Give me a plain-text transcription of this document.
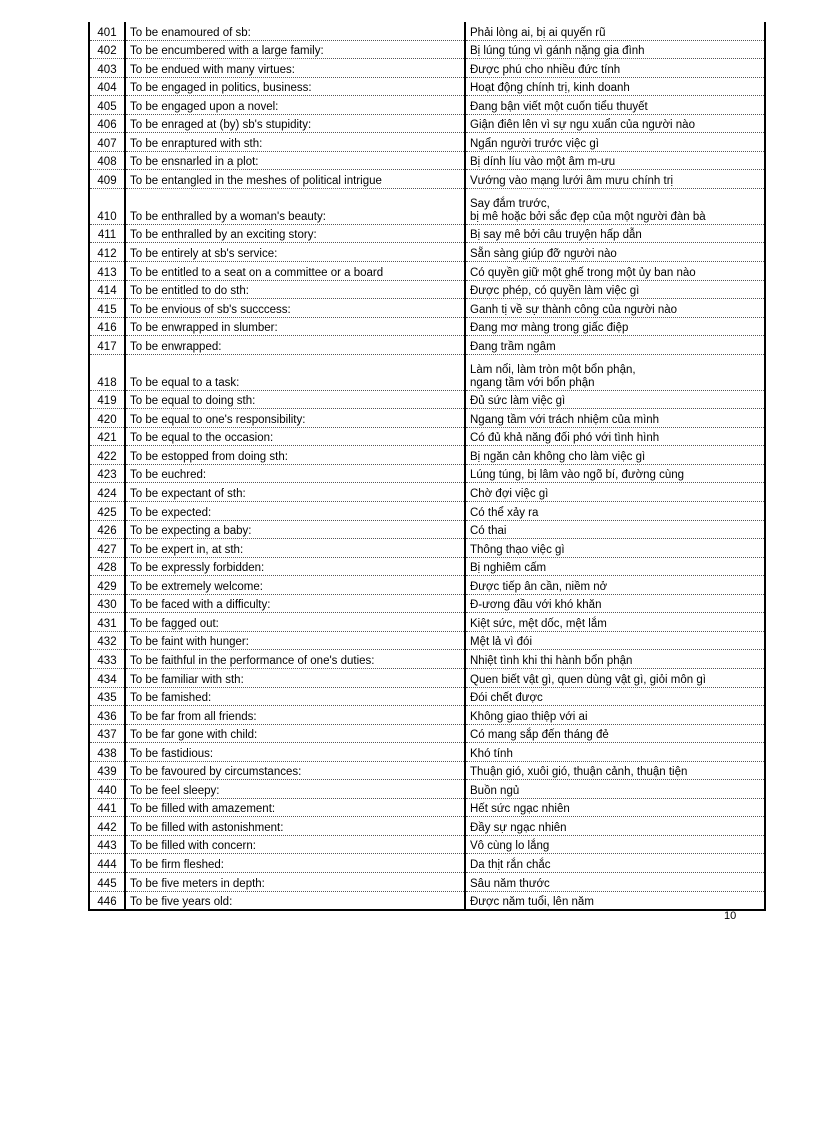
401	To be enamoured of sb:	Phải lòng ai, bị ai quyến rũ
402	To be encumbered with a large family:	Bị lúng túng vì gánh nặng gia đình
403	To be endued with many virtues:	Được phú cho nhiều đức tính
404	To be engaged in politics, business:	Hoạt động chính trị, kinh doanh
405	To be engaged upon a novel:	Đang bận viết một cuốn tiểu thuyết
406	To be enraged at (by) sb's stupidity:	Giận điên lên vì sự ngu xuẩn của người nào
407	To be enraptured with sth:	Ngẩn người trước việc gì
408	To be ensnarled in a plot:	Bị dính líu vào một âm m-ưu
409	To be entangled in the meshes of political intrigue	Vướng vào mạng lưới âm mưu chính trị
410	To be enthralled by a woman's beauty:	Say đắm trước,
bị mê hoặc bởi sắc đẹp của một người đàn bà

411	To be enthralled by an exciting story:	Bị say mê bởi câu truyện hấp dẫn
412	To be entirely at sb's service:	Sẵn sàng giúp đỡ người nào
413	To be entitled to a seat on a committee or a board	Có quyền giữ một ghế trong một ủy ban nào
414	To be entitled to do sth:	Được phép, có quyền làm việc gì
415	To be envious of sb's succcess:	Ganh tị về sự thành công của người nào
416	To be enwrapped in slumber:	Đang mơ màng trong giấc điệp
417	To be enwrapped:	Đang trầm ngâm
418	To be equal to a task:	Làm nổi, làm tròn một bổn phận,
ngang tầm với bổn phận

419	To be equal to doing sth:	Đủ sức làm việc gì
420	To be equal to one's responsibility:	Ngang tầm với trách nhiệm của mình
421	To be equal to the occasion:	Có đủ khả năng đối phó với tình hình
422	To be estopped from doing sth:	Bị ngăn cản không cho làm việc gì
423	To be euchred:	Lúng túng, bị lâm vào ngõ bí, đường cùng
424	To be expectant of sth:	Chờ đợi việc gì
425	To be expected:	Có thể xảy ra
426	To be expecting a baby:	Có thai
427	To be expert in, at sth:	Thông thạo việc gì
428	To be expressly forbidden:	Bị nghiêm cấm
429	To be extremely welcome:	Được tiếp ân cần, niềm nở
430	To be faced with a difficulty:	Đ-ương đầu với khó khăn
431	To be fagged out:	Kiệt sức, mệt dốc, mệt lắm
432	To be faint with hunger:	Mệt lả vì đói
433	To be faithful in the performance of one's duties:	Nhiệt tình khi thi hành bổn phận
434	To be familiar with sth:	Quen biết vật gì, quen dùng vật gì, giỏi môn gì
435	To be famished:	Đói chết được
436	To be far from all friends:	Không giao thiệp với ai
437	To be far gone with child:	Có mang sắp đến tháng đẻ
438	To be fastidious:	Khó tính
439	To be favoured by circumstances:	Thuận gió, xuôi gió, thuận cảnh, thuận tiện
440	To be feel sleepy:	Buồn ngủ
441	To be filled with amazement:	Hết sức ngạc nhiên
442	To be filled with astonishment:	Đầy sự ngạc nhiên
443	To be filled with concern:	Vô cùng lo lắng
444	To be firm fleshed:	Da thịt rắn chắc
445	To be five meters in depth:	Sâu năm thước
446	To be five years old:	Được năm tuổi, lên năm
10
